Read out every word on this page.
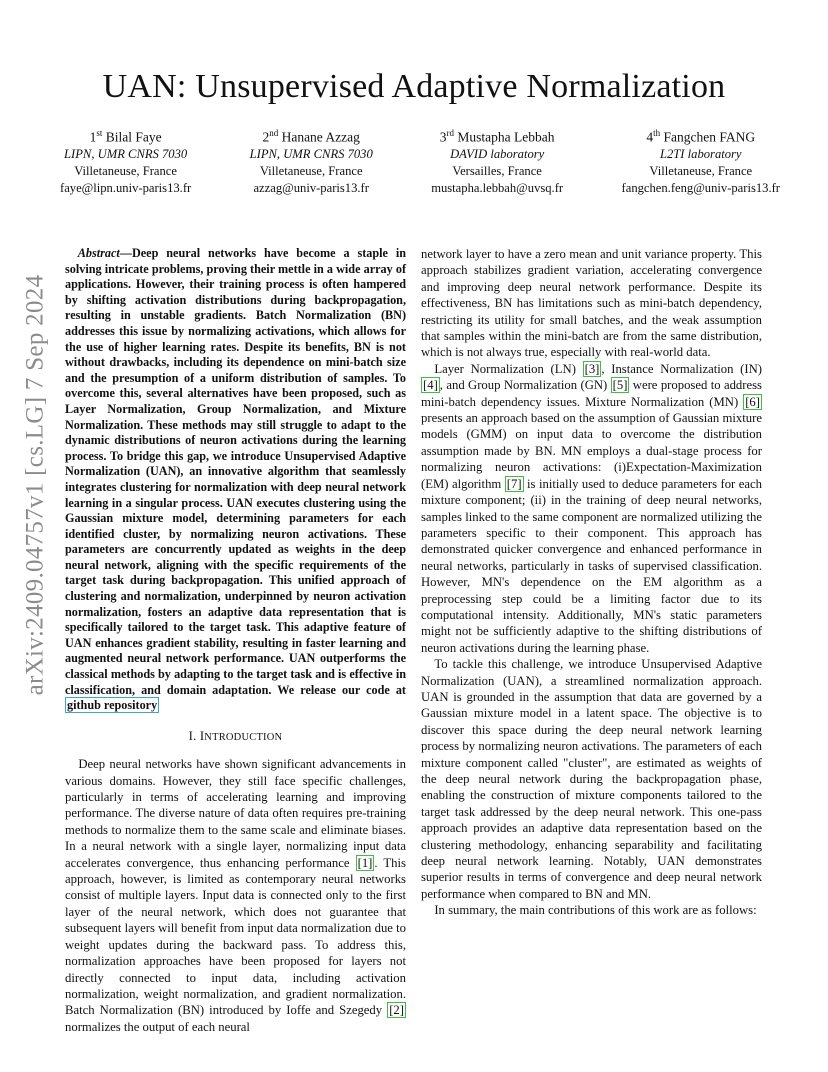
arXiv:2409.04757v1 [cs.LG] 7 Sep 2024
UAN: Unsupervised Adaptive Normalization
1st Bilal Faye
LIPN, UMR CNRS 7030
Villetaneuse, France
faye@lipn.univ-paris13.fr
2nd Hanane Azzag
LIPN, UMR CNRS 7030
Villetaneuse, France
azzag@univ-paris13.fr
3rd Mustapha Lebbah
DAVID laboratory
Versailles, France
mustapha.lebbah@uvsq.fr
4th Fangchen FANG
L2TI laboratory
Villetaneuse, France
fangchen.feng@univ-paris13.fr

Abstract—Deep neural networks have become a staple in solving intricate problems, proving their mettle in a wide array of applications. However, their training process is often hampered by shifting activation distributions during backpropagation, resulting in unstable gradients. Batch Normalization (BN) addresses this issue by normalizing activations, which allows for the use of higher learning rates. Despite its benefits, BN is not without drawbacks, including its dependence on mini-batch size and the presumption of a uniform distribution of samples. To overcome this, several alternatives have been proposed, such as Layer Normalization, Group Normalization, and Mixture Normalization. These methods may still struggle to adapt to the dynamic distributions of neuron activations during the learning process. To bridge this gap, we introduce Unsupervised Adaptive Normalization (UAN), an innovative algorithm that seamlessly integrates clustering for normalization with deep neural network learning in a singular process. UAN executes clustering using the Gaussian mixture model, determining parameters for each identified cluster, by normalizing neuron activations. These parameters are concurrently updated as weights in the deep neural network, aligning with the specific requirements of the target task during backpropagation. This unified approach of clustering and normalization, underpinned by neuron activation normalization, fosters an adaptive data representation that is specifically tailored to the target task. This adaptive feature of UAN enhances gradient stability, resulting in faster learning and augmented neural network performance. UAN outperforms the classical methods by adapting to the target task and is effective in classification, and domain adaptation. We release our code at github repository

I. INTRODUCTION

Deep neural networks have shown significant advancements in various domains. However, they still face specific challenges, particularly in terms of accelerating learning and improving performance. The diverse nature of data often requires pre-training methods to normalize them to the same scale and eliminate biases. In a neural network with a single layer, normalizing input data accelerates convergence, thus enhancing performance [1] . This approach, however, is limited as contemporary neural networks consist of multiple layers. Input data is connected only to the first layer of the neural network, which does not guarantee that subsequent layers will benefit from input data normalization due to weight updates during the backward pass. To address this, normalization approaches have been proposed for layers not directly connected to input data, including activation normalization, weight normalization, and gradient normalization. Batch Normalization (BN) introduced by Ioffe and Szegedy [2] normalizes the output of each neural

network layer to have a zero mean and unit variance property. This approach stabilizes gradient variation, accelerating convergence and improving deep neural network performance. Despite its effectiveness, BN has limitations such as mini-batch dependency, restricting its utility for small batches, and the weak assumption that samples within the mini-batch are from the same distribution, which is not always true, especially with real-world data.

Layer Normalization (LN) [3] , Instance Normalization (IN) [4] , and Group Normalization (GN) [5] were proposed to address mini-batch dependency issues. Mixture Normalization (MN) [6] presents an approach based on the assumption of Gaussian mixture models (GMM) on input data to overcome the distribution assumption made by BN. MN employs a dual-stage process for normalizing neuron activations: (i)Expectation-Maximization (EM) algorithm [7] is initially used to deduce parameters for each mixture component; (ii) in the training of deep neural networks, samples linked to the same component are normalized utilizing the parameters specific to their component. This approach has demonstrated quicker convergence and enhanced performance in neural networks, particularly in tasks of supervised classification. However, MN's dependence on the EM algorithm as a preprocessing step could be a limiting factor due to its computational intensity. Additionally, MN's static parameters might not be sufficiently adaptive to the shifting distributions of neuron activations during the learning phase.

To tackle this challenge, we introduce Unsupervised Adaptive Normalization (UAN), a streamlined normalization approach. UAN is grounded in the assumption that data are governed by a Gaussian mixture model in a latent space. The objective is to discover this space during the deep neural network learning process by normalizing neuron activations. The parameters of each mixture component called "cluster", are estimated as weights of the deep neural network during the backpropagation phase, enabling the construction of mixture components tailored to the target task addressed by the deep neural network. This one-pass approach provides an adaptive data representation based on the clustering methodology, enhancing separability and facilitating deep neural network learning. Notably, UAN demonstrates superior results in terms of convergence and deep neural network performance when compared to BN and MN.

In summary, the main contributions of this work are as follows:
